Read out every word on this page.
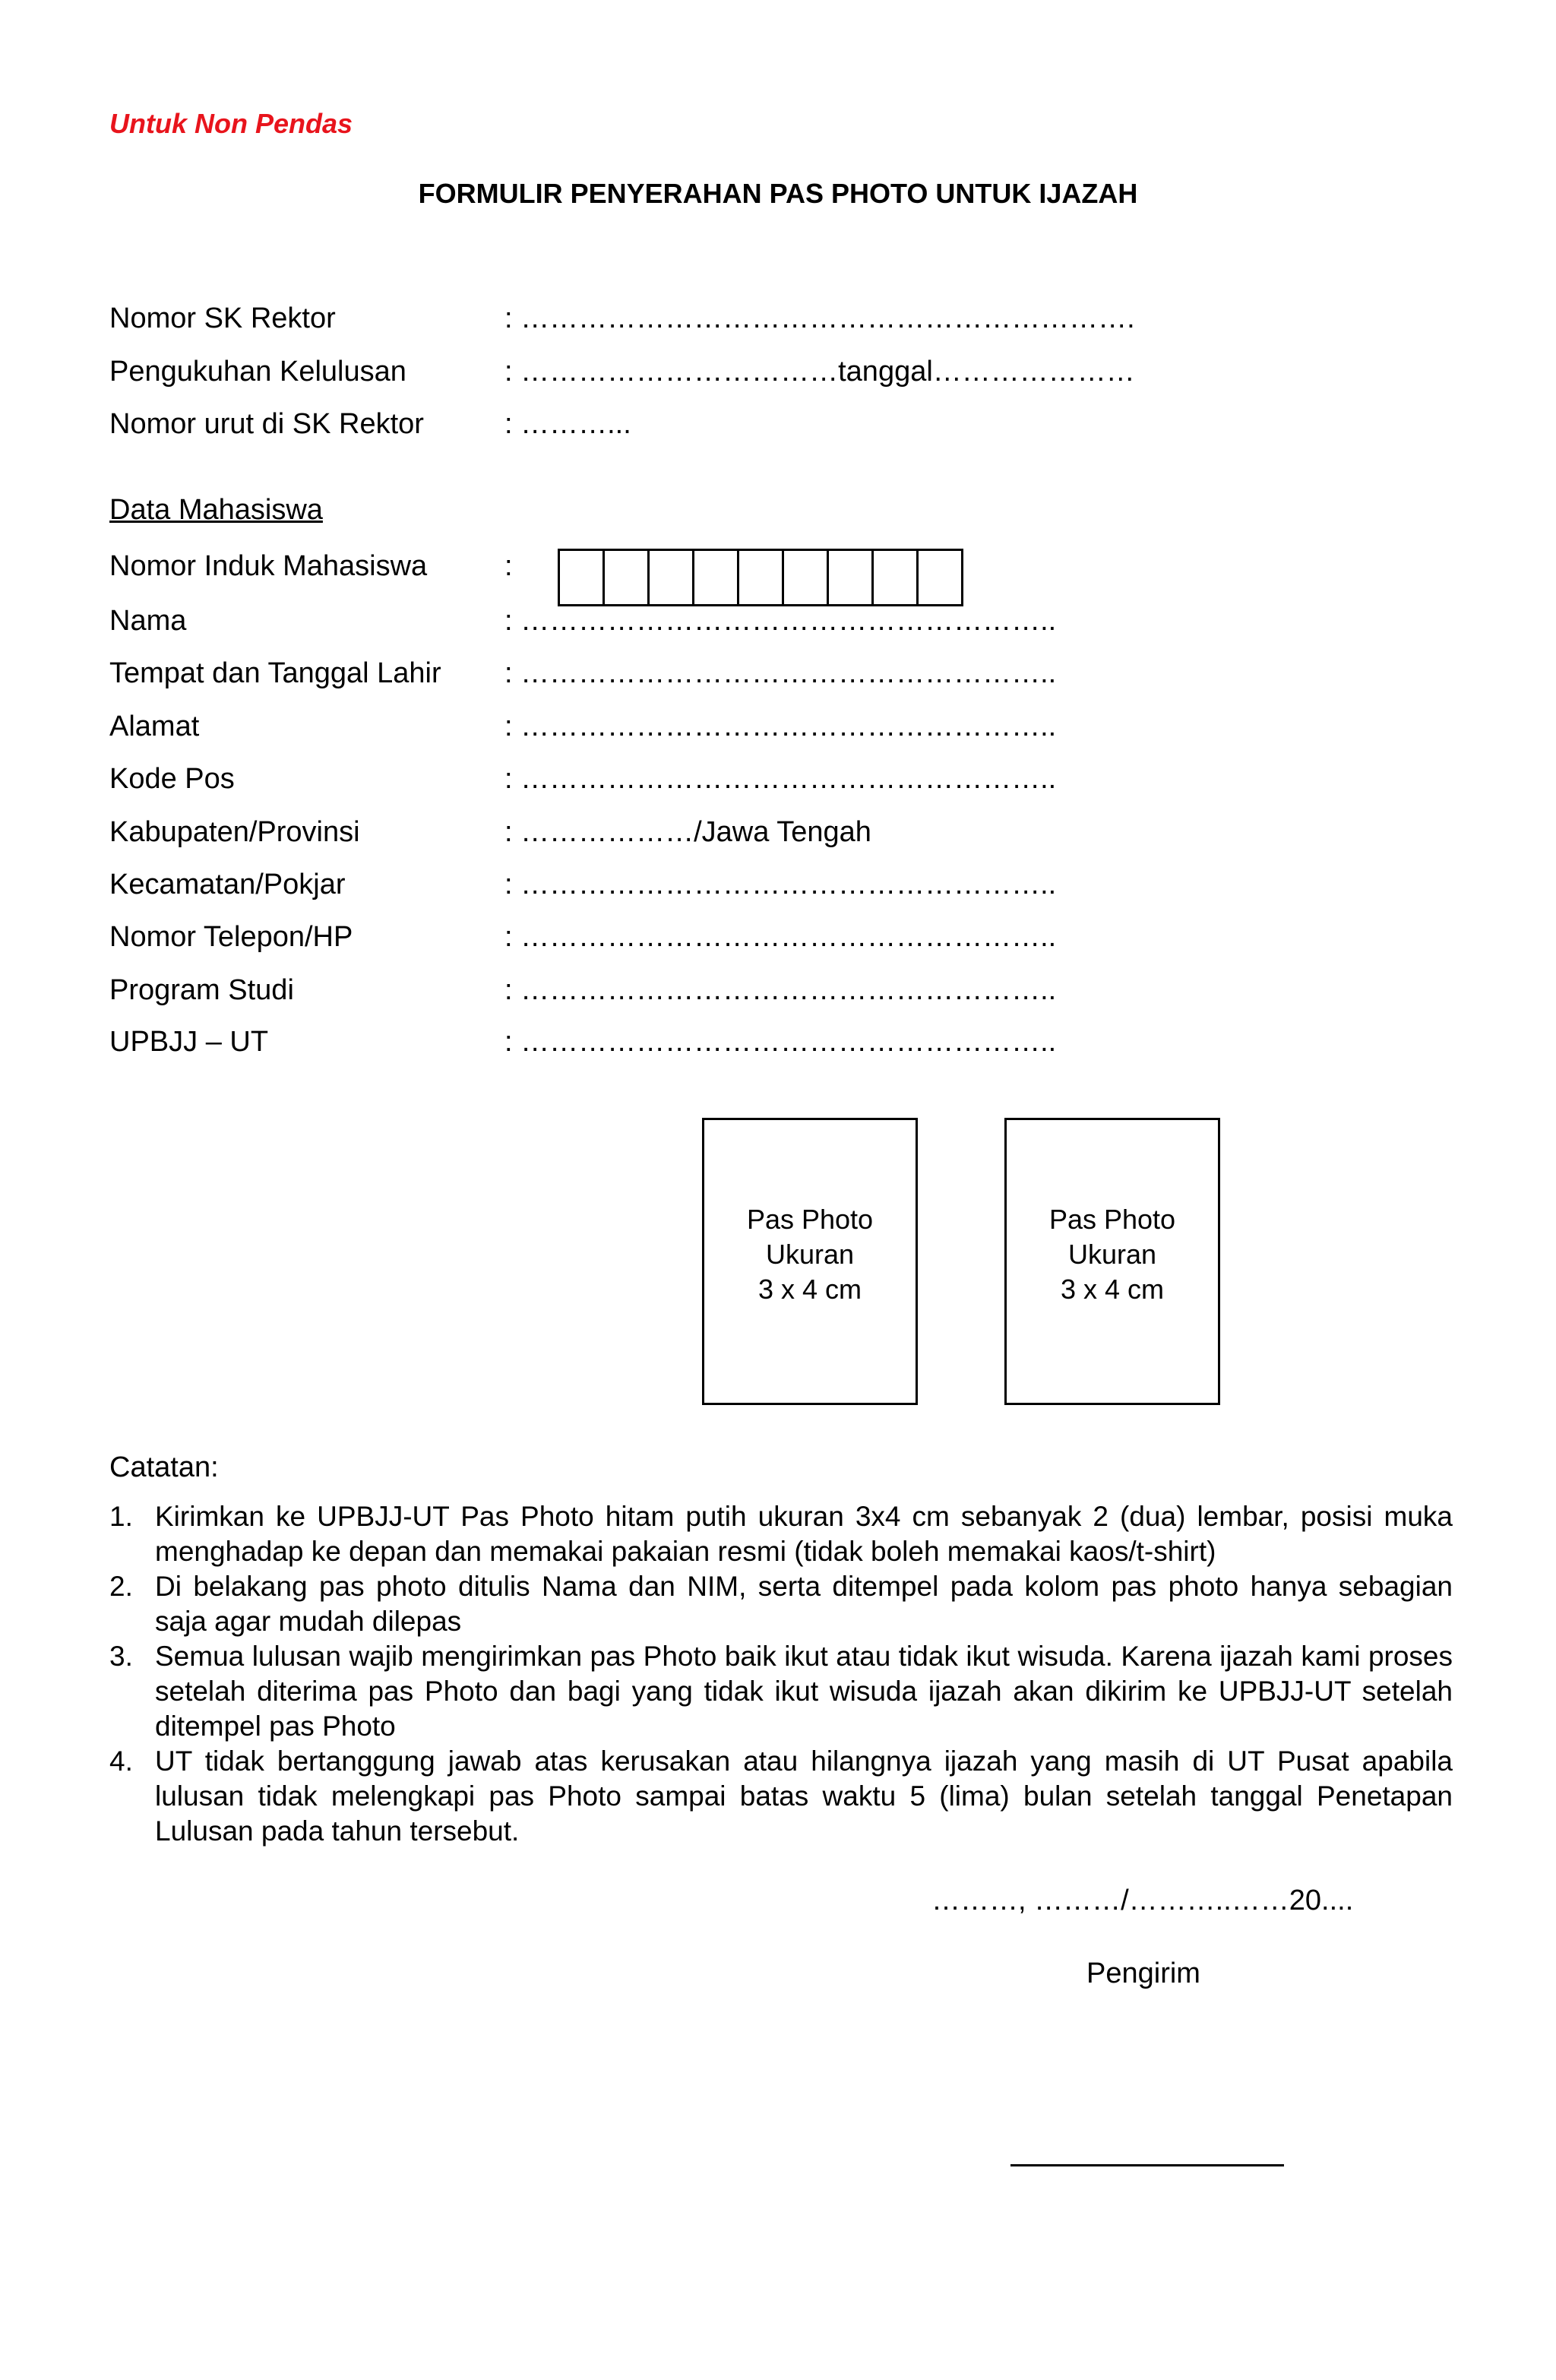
Untuk Non Pendas
FORMULIR PENYERAHAN PAS PHOTO UNTUK IJAZAH
Nomor SK Rektor	: ……………………………………………………….
Pengukuhan Kelulusan	: ……………………………tanggal…………………
Nomor urut di SK Rektor	: ………...
Data Mahasiswa
Nomor Induk Mahasiswa	:
Nama	: ………………………………………………..
Tempat dan Tanggal Lahir : ………………………………………………..
Alamat	: ………………………………………………..
Kode Pos	: ………………………………………………..
Kabupaten/Provinsi	: ………………/Jawa Tengah
Kecamatan/Pokjar	: ………………………………………………..
Nomor Telepon/HP	: ………………………………………………..
Program Studi	: ………………………………………………..
UPBJJ – UT	: ………………………………………………..
Pas Photo
Ukuran
3 x 4 cm
Pas Photo
Ukuran
3 x 4 cm
Catatan:
1. Kirimkan ke UPBJJ-UT Pas Photo hitam putih ukuran 3x4 cm sebanyak 2 (dua) lembar, posisi muka menghadap ke depan dan memakai pakaian resmi (tidak boleh memakai kaos/t-shirt)
2. Di belakang pas photo ditulis Nama dan NIM, serta ditempel pada kolom pas photo hanya sebagian saja agar mudah dilepas
3. Semua lulusan wajib mengirimkan pas Photo baik ikut atau tidak ikut wisuda. Karena ijazah kami proses setelah diterima pas Photo dan bagi yang tidak ikut wisuda ijazah akan dikirim ke UPBJJ-UT setelah ditempel pas Photo
4. UT tidak bertanggung jawab atas kerusakan atau hilangnya ijazah yang masih di UT Pusat apabila lulusan tidak melengkapi pas Photo sampai batas waktu 5 (lima) bulan setelah tanggal Penetapan Lulusan pada tahun tersebut.
………, ………/………..……20....
Pengirim
